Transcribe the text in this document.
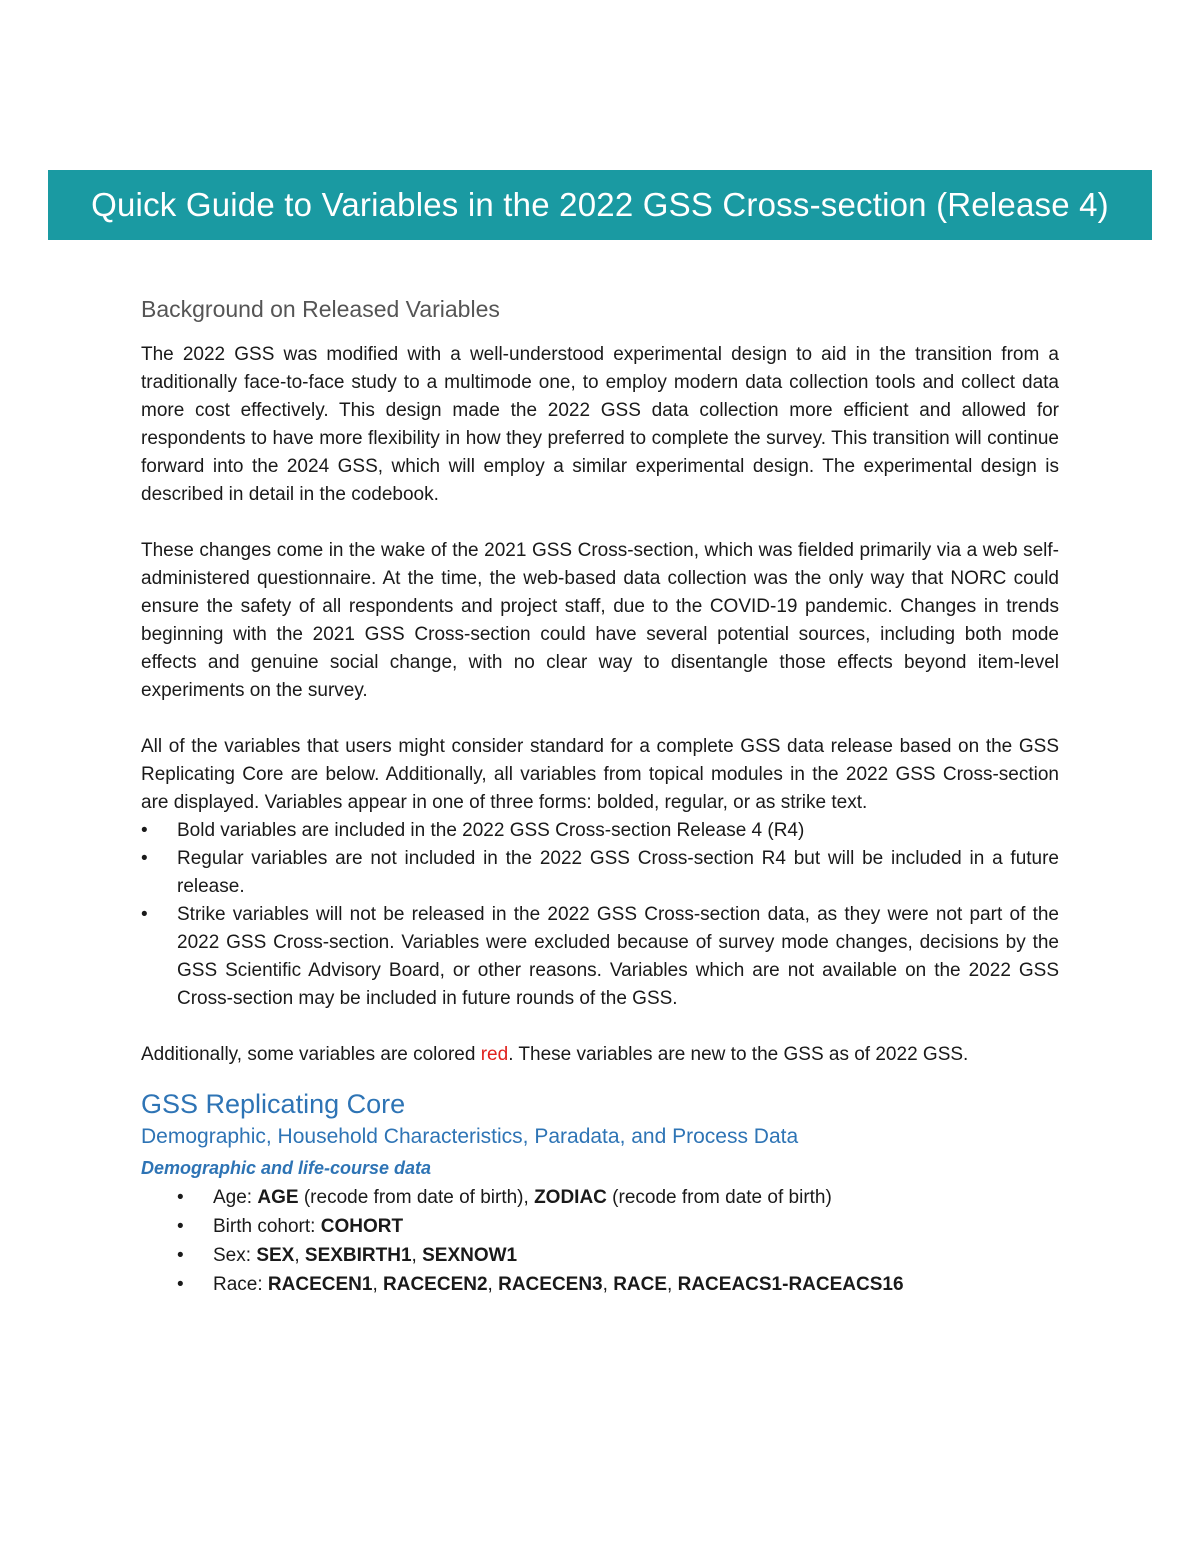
Quick Guide to Variables in the 2022 GSS Cross-section (Release 4)
Background on Released Variables

The 2022 GSS was modified with a well-understood experimental design to aid in the transition from a traditionally face-to-face study to a multimode one, to employ modern data collection tools and collect data more cost effectively. This design made the 2022 GSS data collection more efficient and allowed for respondents to have more flexibility in how they preferred to complete the survey. This transition will continue forward into the 2024 GSS, which will employ a similar experimental design. The experimental design is described in detail in the codebook.

These changes come in the wake of the 2021 GSS Cross-section, which was fielded primarily via a web self-administered questionnaire. At the time, the web-based data collection was the only way that NORC could ensure the safety of all respondents and project staff, due to the COVID-19 pandemic. Changes in trends beginning with the 2021 GSS Cross-section could have several potential sources, including both mode effects and genuine social change, with no clear way to disentangle those effects beyond item-level experiments on the survey.

All of the variables that users might consider standard for a complete GSS data release based on the GSS Replicating Core are below. Additionally, all variables from topical modules in the 2022 GSS Cross-section are displayed. Variables appear in one of three forms: bolded, regular, or as strike text.

• Bold variables are included in the 2022 GSS Cross-section Release 4 (R4)
• Regular variables are not included in the 2022 GSS Cross-section R4 but will be included in a future release.
• Strike variables will not be released in the 2022 GSS Cross-section data, as they were not part of the 2022 GSS Cross-section. Variables were excluded because of survey mode changes, decisions by the GSS Scientific Advisory Board, or other reasons. Variables which are not available on the 2022 GSS Cross-section may be included in future rounds of the GSS.

Additionally, some variables are colored red. These variables are new to the GSS as of 2022 GSS.

GSS Replicating Core
Demographic, Household Characteristics, Paradata, and Process Data
Demographic and life-course data
• Age: AGE (recode from date of birth), ZODIAC (recode from date of birth)
• Birth cohort: COHORT
• Sex: SEX, SEXBIRTH1, SEXNOW1
• Race: RACECEN1, RACECEN2, RACECEN3, RACE, RACEACS1-RACEACS16
